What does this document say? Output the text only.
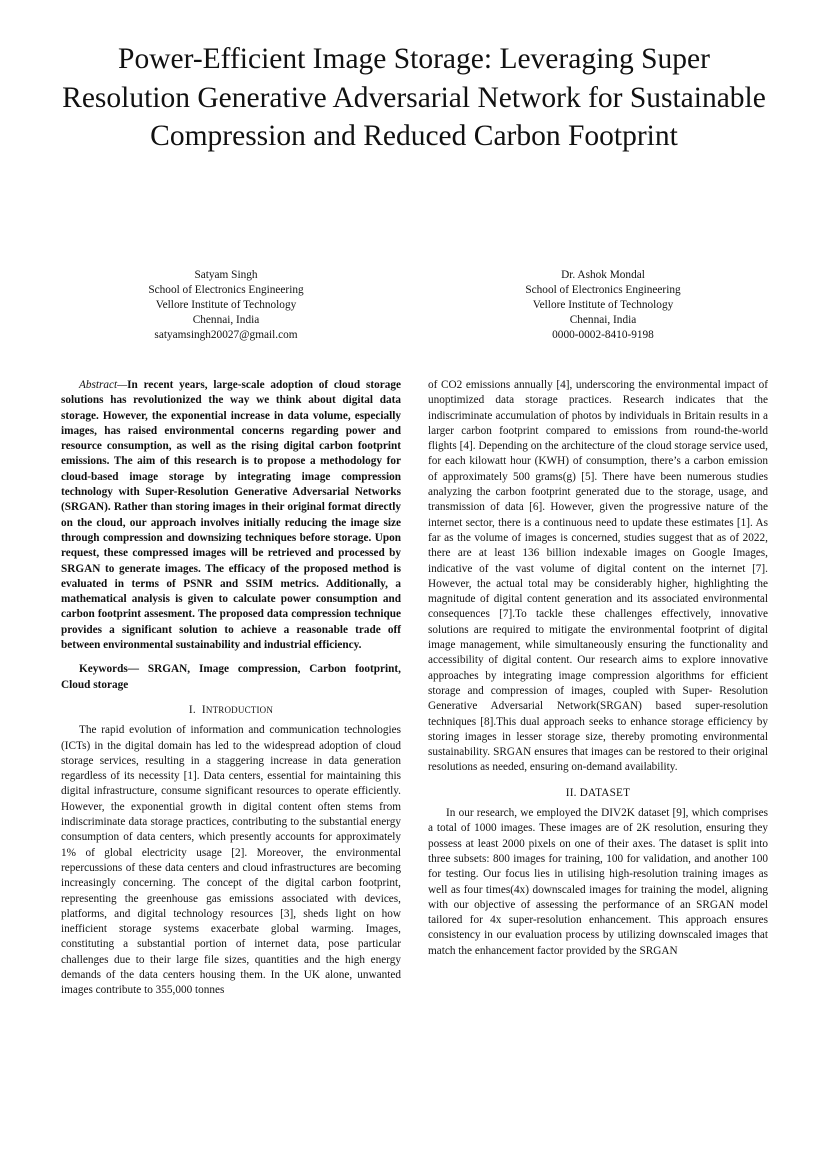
Power-Efficient Image Storage: Leveraging Super Resolution Generative Adversarial Network for Sustainable Compression and Reduced Carbon Footprint
Satyam Singh
School of Electronics Engineering
Vellore Institute of Technology
Chennai, India
satyamsingh20027@gmail.com
Dr. Ashok Mondal
School of Electronics Engineering
Vellore Institute of Technology
Chennai, India
0000-0002-8410-9198

Abstract—In recent years, large-scale adoption of cloud storage solutions has revolutionized the way we think about digital data storage. However, the exponential increase in data volume, especially images, has raised environmental concerns regarding power and resource consumption, as well as the rising digital carbon footprint emissions. The aim of this research is to propose a methodology for cloud-based image storage by integrating image compression technology with Super-Resolution Generative Adversarial Networks (SRGAN). Rather than storing images in their original format directly on the cloud, our approach involves initially reducing the image size through compression and downsizing techniques before storage. Upon request, these compressed images will be retrieved and processed by SRGAN to generate images. The efficacy of the proposed method is evaluated in terms of PSNR and SSIM metrics. Additionally, a mathematical analysis is given to calculate power consumption and carbon footprint assesment. The proposed data compression technique provides a significant solution to achieve a reasonable trade off between environmental sustainability and industrial efficiency.

Keywords— SRGAN, Image compression, Carbon footprint, Cloud storage

I. INTRODUCTION

The rapid evolution of information and communication technologies (ICTs) in the digital domain has led to the widespread adoption of cloud storage services, resulting in a staggering increase in data generation regardless of its necessity [1]. Data centers, essential for maintaining this digital infrastructure, consume significant resources to operate efficiently. However, the exponential growth in digital content often stems from indiscriminate data storage practices, contributing to the substantial energy consumption of data centers, which presently accounts for approximately 1% of global electricity usage [2]. Moreover, the environmental repercussions of these data centers and cloud infrastructures are becoming increasingly concerning. The concept of the digital carbon footprint, representing the greenhouse gas emissions associated with devices, platforms, and digital technology resources [3], sheds light on how inefficient storage systems exacerbate global warming. Images, constituting a substantial portion of internet data, pose particular challenges due to their large file sizes, quantities and the high energy demands of the data centers housing them. In the UK alone, unwanted images contribute to 355,000 tonnes

of CO2 emissions annually [4], underscoring the environmental impact of unoptimized data storage practices. Research indicates that the indiscriminate accumulation of photos by individuals in Britain results in a larger carbon footprint compared to emissions from round-the-world flights [4]. Depending on the architecture of the cloud storage service used, for each kilowatt hour (KWH) of consumption, there’s a carbon emission of approximately 500 grams(g) [5]. There have been numerous studies analyzing the carbon footprint generated due to the storage, usage, and transmission of data [6]. However, given the progressive nature of the internet sector, there is a continuous need to update these estimates [1]. As far as the volume of images is concerned, studies suggest that as of 2022, there are at least 136 billion indexable images on Google Images, indicative of the vast volume of digital content on the internet [7]. However, the actual total may be considerably higher, highlighting the magnitude of digital content generation and its associated environmental consequences [7].To tackle these challenges effectively, innovative solutions are required to mitigate the environmental footprint of digital image management, while simultaneously ensuring the functionality and accessibility of digital content. Our research aims to explore innovative approaches by integrating image compression algorithms for efficient storage and compression of images, coupled with Super- Resolution Generative Adversarial Network(SRGAN) based super-resolution techniques [8].This dual approach seeks to enhance storage efficiency by storing images in lesser storage size, thereby promoting environmental sustainability. SRGAN ensures that images can be restored to their original resolutions as needed, ensuring on-demand availability.

II. DATASET

In our research, we employed the DIV2K dataset [9], which comprises a total of 1000 images. These images are of 2K resolution, ensuring they possess at least 2000 pixels on one of their axes. The dataset is split into three subsets: 800 images for training, 100 for validation, and another 100 for testing. Our focus lies in utilising high-resolution training images as well as four times(4x) downscaled images for training the model, aligning with our objective of assessing the performance of an SRGAN model tailored for 4x super-resolution enhancement. This approach ensures consistency in our evaluation process by utilizing downscaled images that match the enhancement factor provided by the SRGAN
